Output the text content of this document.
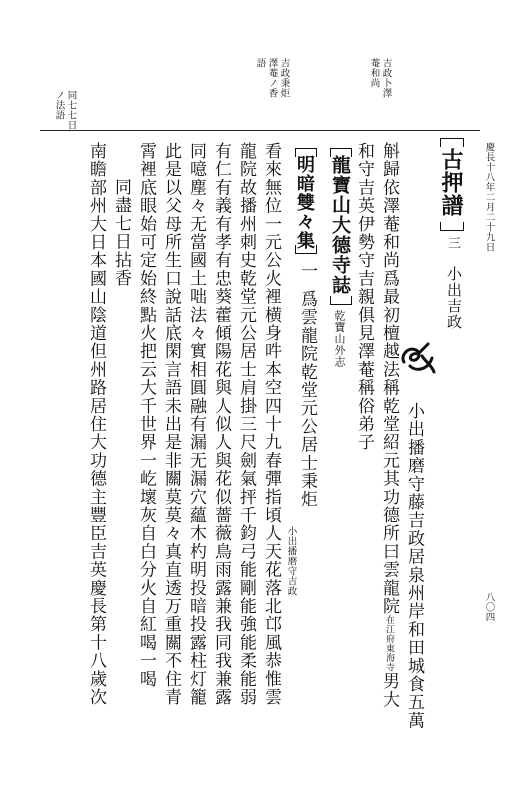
慶長十八年二月二十九日
八〇四
古押譜
三
小出吉政
小出播磨守藤吉政居泉州岸和田城食五萬
斛歸依澤菴和尚爲最初檀越法稱乾堂紹元其功德所曰雲龍院在江府東海寺男大
和守吉英伊勢守吉親俱見澤菴稱俗弟子
龍寶山大德寺誌
乾寶山外志
明暗雙々集
一
爲雲龍院乾堂元公居士秉炬
小出播磨守吉政
看來無位一元公火裡横身吽本空四十九春彈指頃人天花落北邙風恭惟雲
龍院故播州刺史乾堂元公居士肩掛三尺劍氣抨千鈞弓能剛能強能柔能弱
有仁有義有孝有忠葵藿傾陽花與人似人與花似薔薇鳥雨露兼我同我兼露
同噫塵々无當國土咄法々實相圓融有漏无漏穴蘊木杓明投暗投露柱灯籠
此是以父母所生口說話底閑言語未出是非關莫莫々真直透万重關不住青
霄裡底眼始可定始終點火把云大千世界一屹壞灰自白分火自紅喝一喝
同盡七日拈香
南瞻部州大日本國山陰道但州路居住大功德主豐臣吉英慶長第十八歲次
吉政卜澤
菴和尚
吉政秉炬
澤菴ノ香
語
同七七日
ノ法語
